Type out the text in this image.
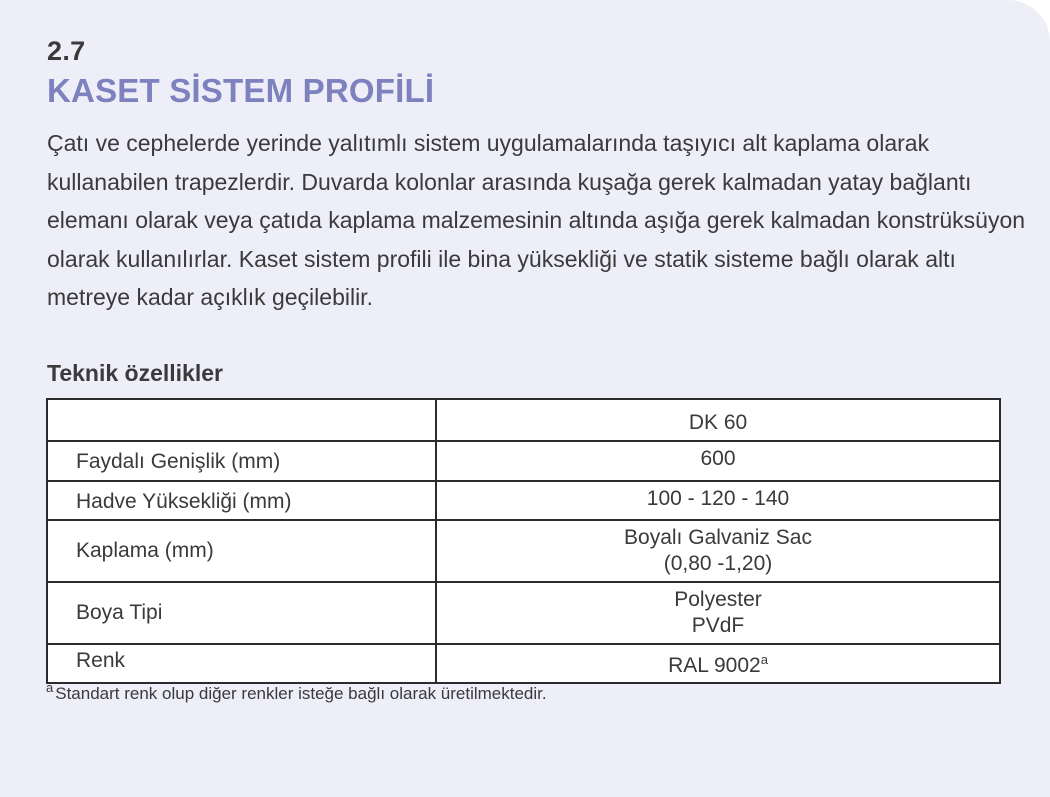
2.7
KASET SİSTEM PROFİLİ

Çatı ve cephelerde yerinde yalıtımlı sistem uygulamalarında taşıyıcı alt kaplama olarak kullanabilen trapezlerdir. Duvarda kolonlar arasında kuşağa gerek kalmadan yatay bağlantı elemanı olarak veya çatıda kaplama malzemesinin altında aşığa gerek kalmadan konstrüksüyon olarak kullanılırlar. Kaset sistem profili ile bina yüksekliği ve statik sisteme bağlı olarak altı metreye kadar açıklık geçilebilir.

Teknik özellikler
	DK 60
Faydalı Genişlik (mm)	600
Hadve Yüksekliği (mm)	100 - 120 - 140
Kaplama (mm)	Boyalı Galvaniz Sac
(0,80 -1,20)

Boya Tipi	Polyester
PVdF

Renk	RAL 9002$^a$
$^a$ Standart renk olup diğer renkler isteğe bağlı olarak üretilmektedir.
